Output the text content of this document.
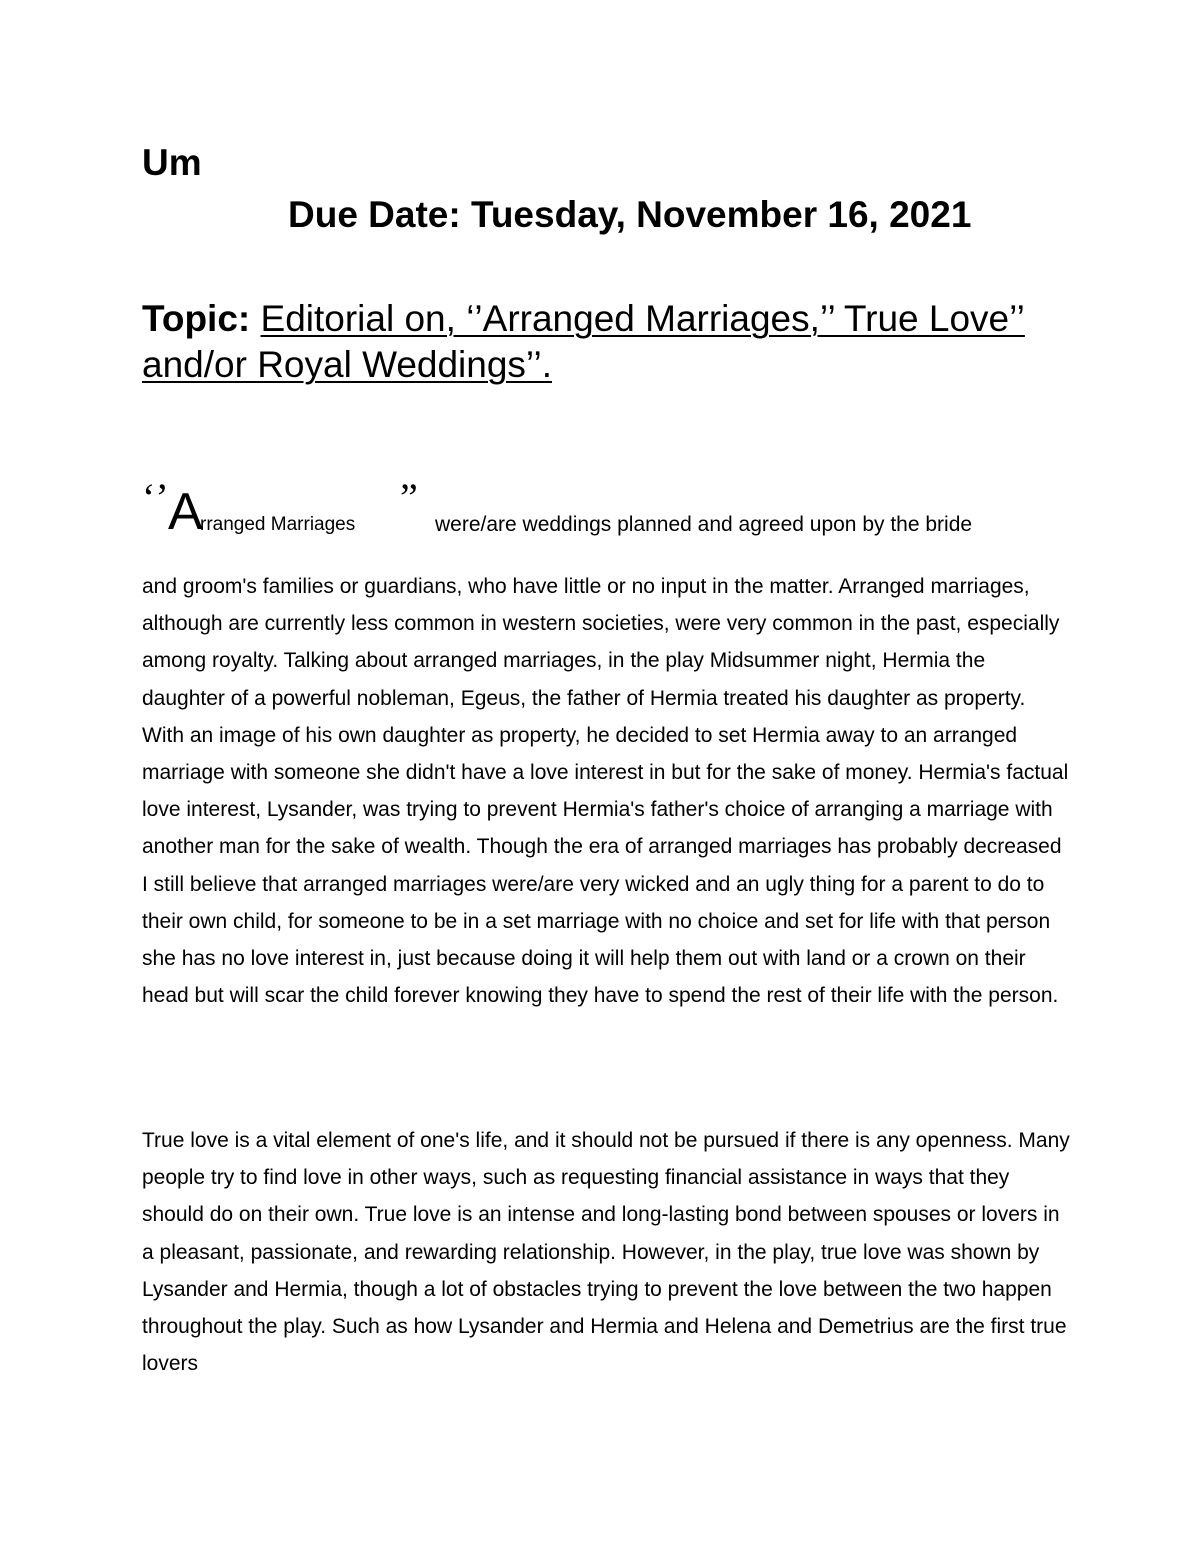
Um

Due Date: Tuesday, November 16, 2021

Topic: Editorial on, ‘’Arranged Marriages,’’ True Love’’ and/or Royal Weddings’’.

‘’ A
rranged Marriages
”
were/are weddings planned and agreed upon by the bride

and groom's families or guardians, who have little or no input in the matter. Arranged marriages, although are currently less common in western societies, were very common in the past, especially among royalty. Talking about arranged marriages, in the play Midsummer night, Hermia the daughter of a powerful nobleman, Egeus, the father of Hermia treated his daughter as property. With an image of his own daughter as property, he decided to set Hermia away to an arranged marriage with someone she didn't have a love interest in but for the sake of money. Hermia's factual love interest, Lysander, was trying to prevent Hermia's father's choice of arranging a marriage with another man for the sake of wealth. Though the era of arranged marriages has probably decreased I still believe that arranged marriages were/are very wicked and an ugly thing for a parent to do to their own child, for someone to be in a set marriage with no choice and set for life with that person she has no love interest in, just because doing it will help them out with land or a crown on their head but will scar the child forever knowing they have to spend the rest of their life with the person.

True love is a vital element of one's life, and it should not be pursued if there is any openness. Many people try to find love in other ways, such as requesting financial assistance in ways that they should do on their own. True love is an intense and long-lasting bond between spouses or lovers in a pleasant, passionate, and rewarding relationship. However, in the play, true love was shown by Lysander and Hermia, though a lot of obstacles trying to prevent the love between the two happen throughout the play. Such as how Lysander and Hermia and Helena and Demetrius are the first true lovers
